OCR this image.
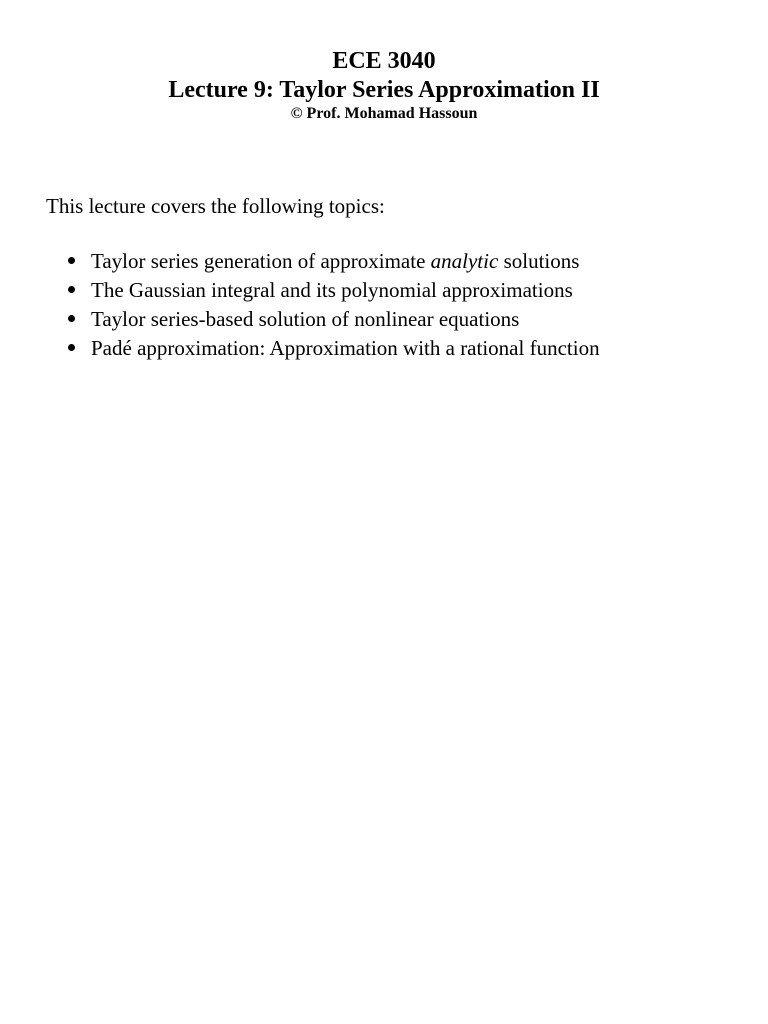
ECE 3040
Lecture 9: Taylor Series Approximation II
© Prof. Mohamad Hassoun
This lecture covers the following topics:
Taylor series generation of approximate analytic solutions
The Gaussian integral and its polynomial approximations
Taylor series-based solution of nonlinear equations
Padé approximation: Approximation with a rational function
